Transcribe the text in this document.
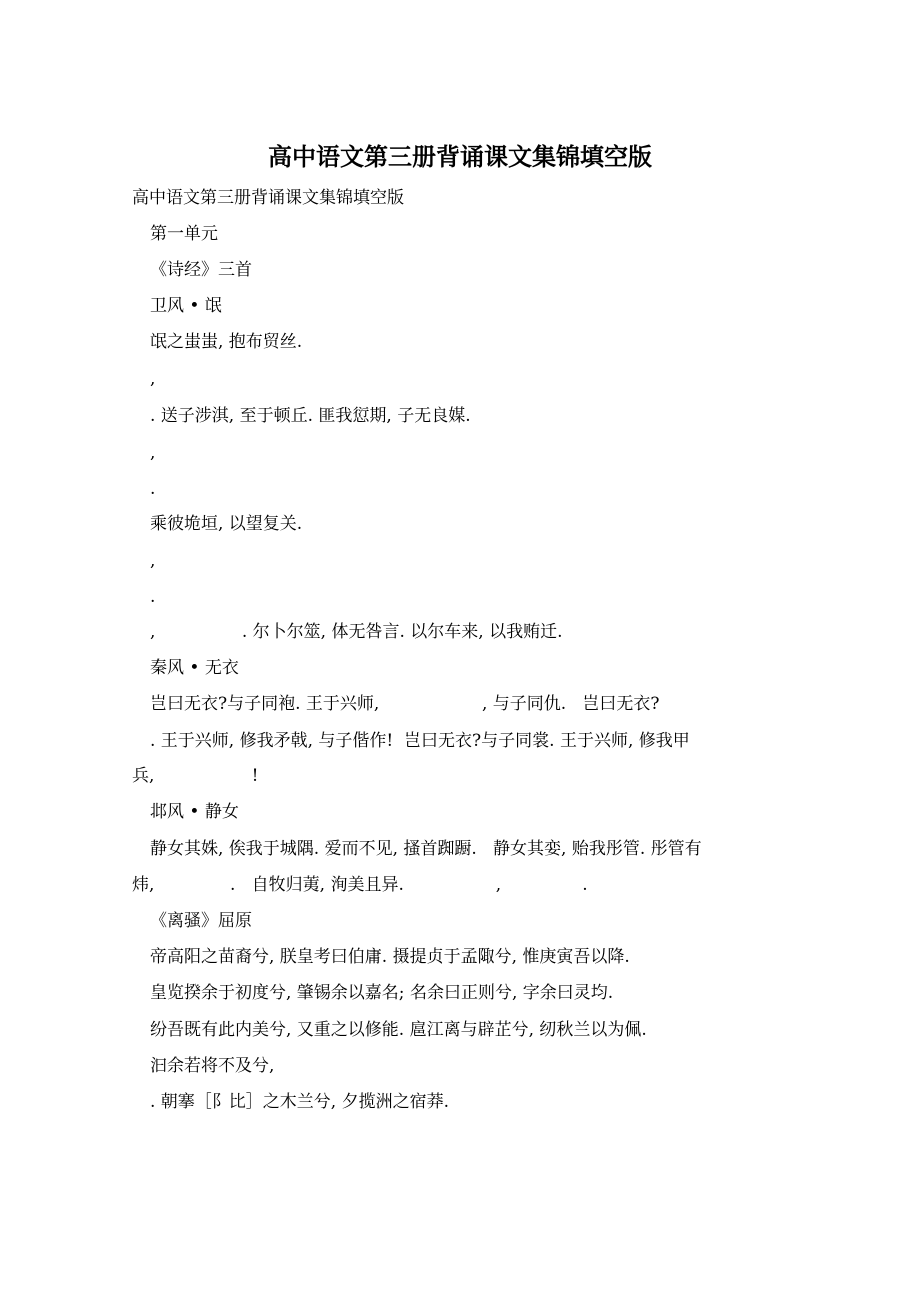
高中语文第三册背诵课文集锦填空版
高中语文第三册背诵课文集锦填空版
第一单元
《诗经》三首
卫风 • 氓
氓之蚩蚩, 抱布贸丝.
,
. 送子涉淇, 至于顿丘. 匪我愆期, 子无良媒.
,
.
乘彼垝垣, 以望复关.
,
.
,                . 尔卜尔筮, 体无咎言. 以尔车来, 以我贿迁.
秦风 • 无衣
岂曰无衣?与子同袍. 王于兴师,                   , 与子同仇.   岂曰无衣?
. 王于兴师, 修我矛戟, 与子偕作!  岂曰无衣?与子同裳. 王于兴师, 修我甲
兵,                  !
邶风 • 静女
静女其姝, 俟我于城隅. 爱而不见, 搔首踟蹰.   静女其娈, 贻我彤管. 彤管有
炜,              .   自牧归荑, 洵美且异.                 ,               .
《离骚》屈原
帝高阳之苗裔兮, 朕皇考曰伯庸. 摄提贞于孟陬兮, 惟庚寅吾以降.
皇览揆余于初度兮, 肇锡余以嘉名; 名余曰正则兮, 字余曰灵均.
纷吾既有此内美兮, 又重之以修能. 扈江离与辟芷兮, 纫秋兰以为佩.
汩余若将不及兮,
. 朝搴［阝比］之木兰兮, 夕揽洲之宿莽.
